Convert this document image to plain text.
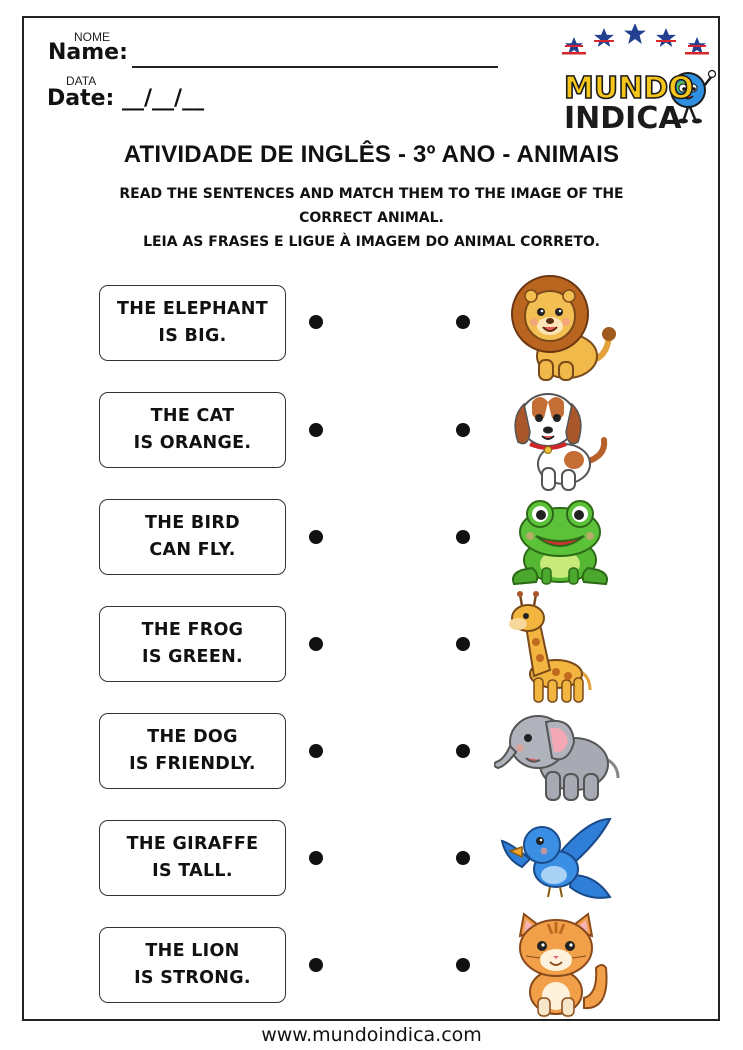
NOME
Name:
DATA
Date: __/__/__	MUNDO
INDICA
ATIVIDADE DE INGLÊS - 3º ANO - ANIMAIS
READ THE SENTENCES AND MATCH THEM TO THE IMAGE OF THE
CORRECT ANIMAL.
LEIA AS FRASES E LIGUE À IMAGEM DO ANIMAL CORRETO.
THE ELEPHANT
IS BIG.
THE CAT
IS ORANGE.
THE BIRD
CAN FLY.
THE FROG
IS GREEN.
THE DOG
IS FRIENDLY.
THE GIRAFFE
IS TALL.
THE LION
IS STRONG.
www.mundoindica.com
